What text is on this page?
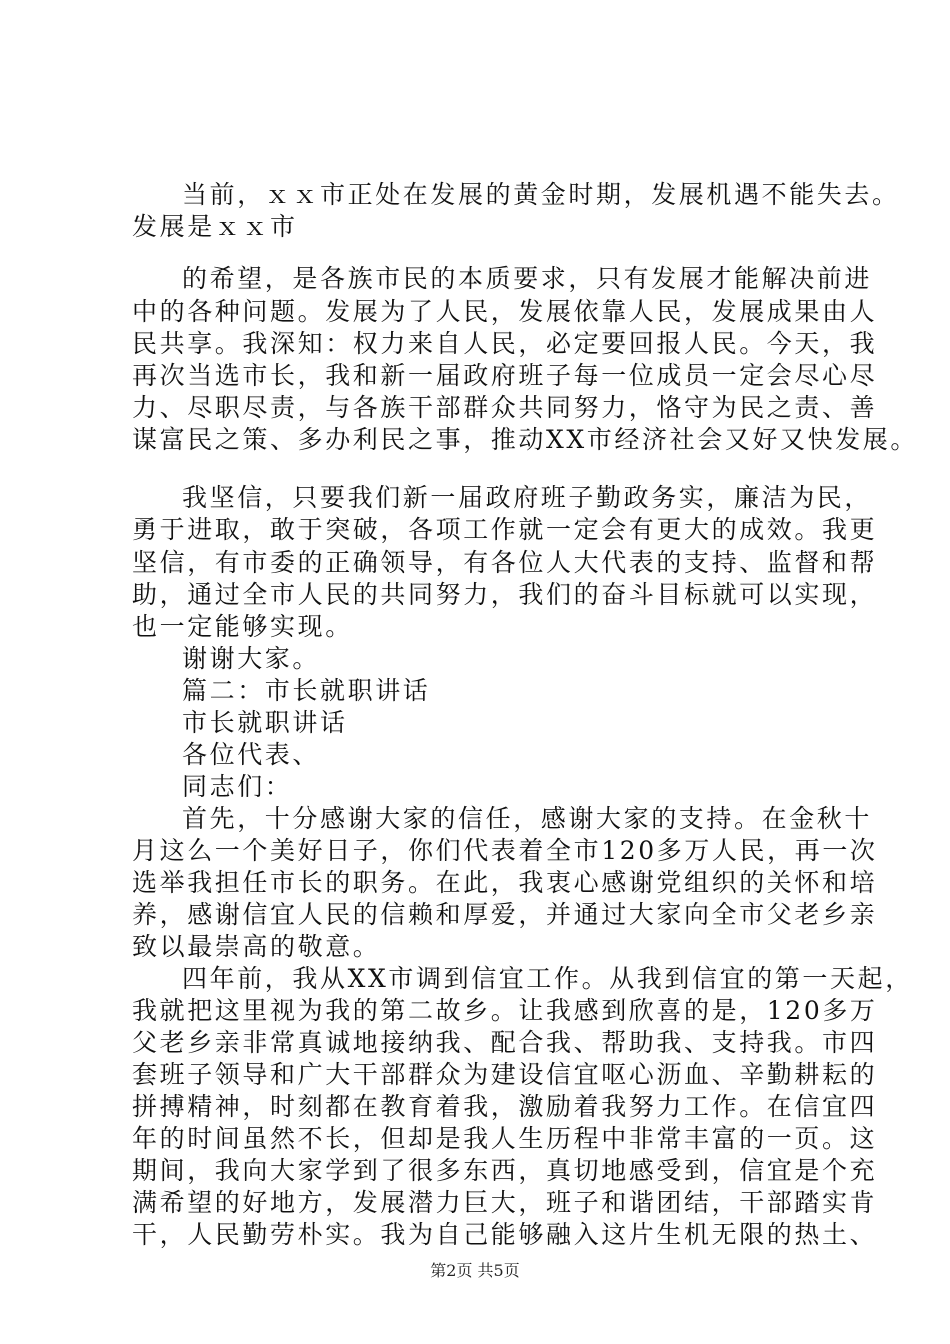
当前，ｘｘ市正处在发展的黄金时期，发展机遇不能失去。
发展是ｘｘ市
的希望，是各族市民的本质要求，只有发展才能解决前进
中的各种问题。发展为了人民，发展依靠人民，发展成果由人
民共享。我深知：权力来自人民，必定要回报人民。今天，我
再次当选市长，我和新一届政府班子每一位成员一定会尽心尽
力、尽职尽责，与各族干部群众共同努力，恪守为民之责、善
谋富民之策、多办利民之事，推动XX市经济社会又好又快发展。
我坚信，只要我们新一届政府班子勤政务实，廉洁为民，
勇于进取，敢于突破，各项工作就一定会有更大的成效。我更
坚信，有市委的正确领导，有各位人大代表的支持、监督和帮
助，通过全市人民的共同努力，我们的奋斗目标就可以实现，
也一定能够实现。
谢谢大家。
篇二：市长就职讲话
市长就职讲话
各位代表、
同志们：
首先，十分感谢大家的信任，感谢大家的支持。在金秋十
月这么一个美好日子，你们代表着全市120多万人民，再一次
选举我担任市长的职务。在此，我衷心感谢党组织的关怀和培
养，感谢信宜人民的信赖和厚爱，并通过大家向全市父老乡亲
致以最崇高的敬意。
四年前，我从XX市调到信宜工作。从我到信宜的第一天起，
我就把这里视为我的第二故乡。让我感到欣喜的是，120多万
父老乡亲非常真诚地接纳我、配合我、帮助我、支持我。市四
套班子领导和广大干部群众为建设信宜呕心沥血、辛勤耕耘的
拼搏精神，时刻都在教育着我，激励着我努力工作。在信宜四
年的时间虽然不长，但却是我人生历程中非常丰富的一页。这
期间，我向大家学到了很多东西，真切地感受到，信宜是个充
满希望的好地方，发展潜力巨大，班子和谐团结，干部踏实肯
干，人民勤劳朴实。我为自己能够融入这片生机无限的热土、
第2页 共5页
